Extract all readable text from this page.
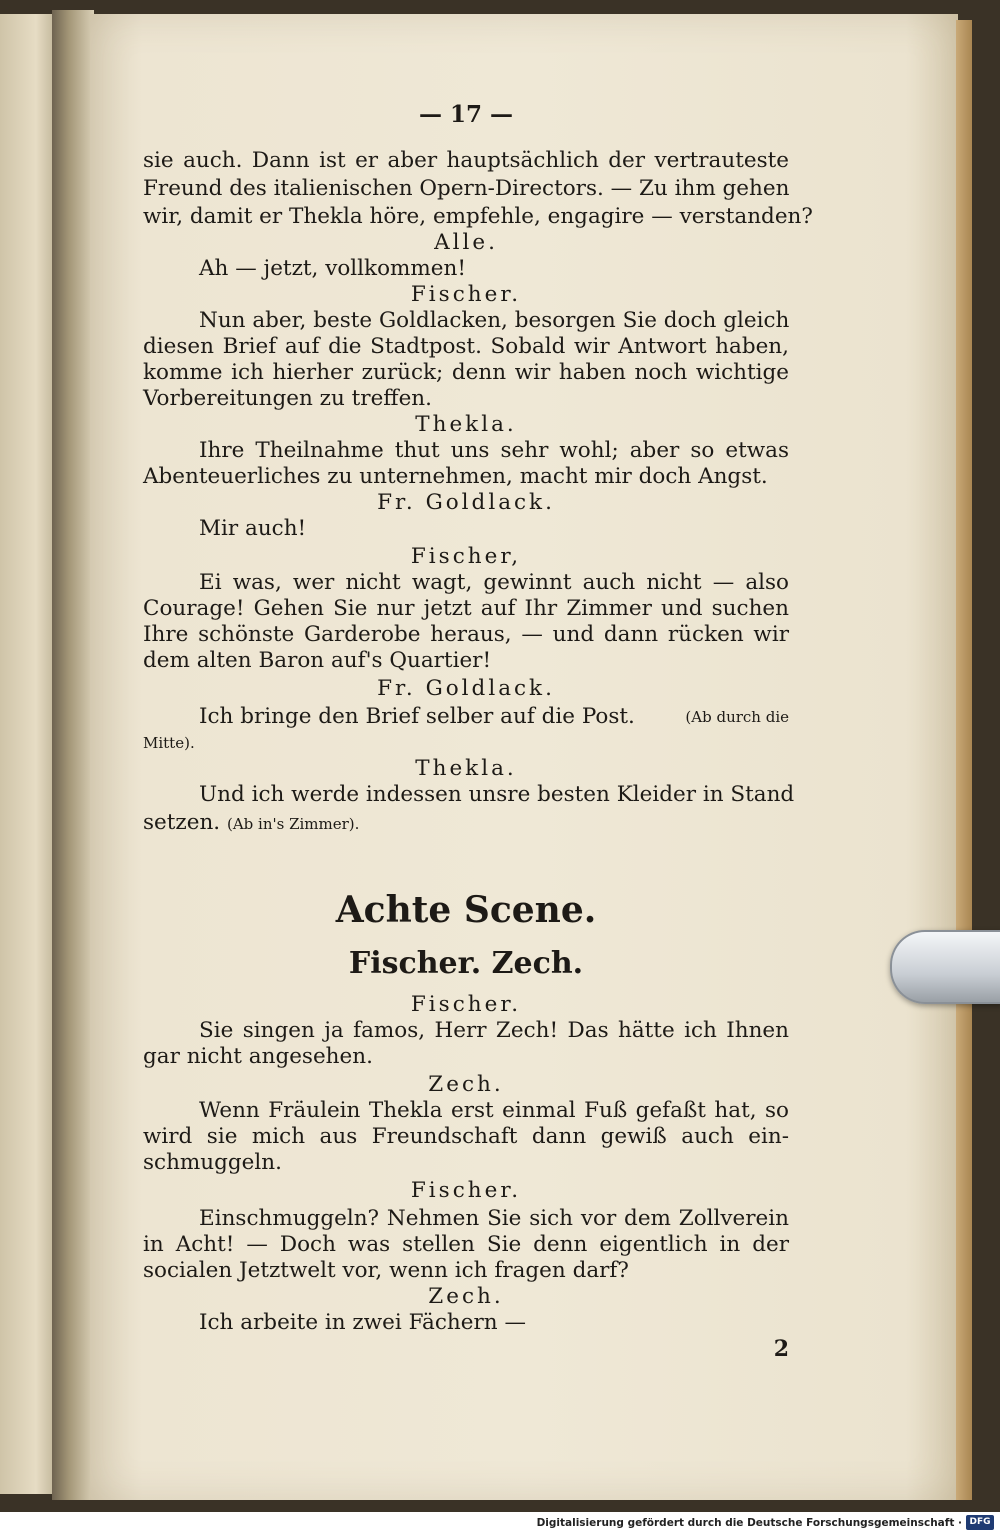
— 17 —
sie auch. Dann ist er aber hauptsächlich der vertrauteste
Freund des italienischen Opern-Directors. — Zu ihm gehen
wir, damit er Thekla höre, empfehle, engagire — verstanden?
Alle.
Ah — jetzt, vollkommen!
Fischer.
Nun aber, beste Goldlacken, besorgen Sie doch gleich
diesen Brief auf die Stadtpost. Sobald wir Antwort haben,
komme ich hierher zurück; denn wir haben noch wichtige
Vorbereitungen zu treffen.
Thekla.
Ihre Theilnahme thut uns sehr wohl; aber so etwas
Abenteuerliches zu unternehmen, macht mir doch Angst.
Fr. Goldlack.
Mir auch!
Fischer,
Ei was, wer nicht wagt, gewinnt auch nicht — also
Courage! Gehen Sie nur jetzt auf Ihr Zimmer und suchen
Ihre schönste Garderobe heraus, — und dann rücken wir
dem alten Baron auf's Quartier!
Fr. Goldlack.
Ich bringe den Brief selber auf die Post.	(Ab durch die
Mitte).
Thekla.
Und ich werde indessen unsre besten Kleider in Stand
setzen. (Ab in's Zimmer).
Achte Scene.
Fischer. Zech.
Fischer.
Sie singen ja famos, Herr Zech! Das hätte ich Ihnen
gar nicht angesehen.
Zech.
Wenn Fräulein Thekla erst einmal Fuß gefaßt hat, so
wird sie mich aus Freundschaft dann gewiß auch ein-
schmuggeln.
Fischer.
Einschmuggeln? Nehmen Sie sich vor dem Zollverein
in Acht! — Doch was stellen Sie denn eigentlich in der
socialen Jetztwelt vor, wenn ich fragen darf?
Zech.
Ich arbeite in zwei Fächern —
2
Digitalisierung gefördert durch die Deutsche Forschungsgemeinschaft · DFG
